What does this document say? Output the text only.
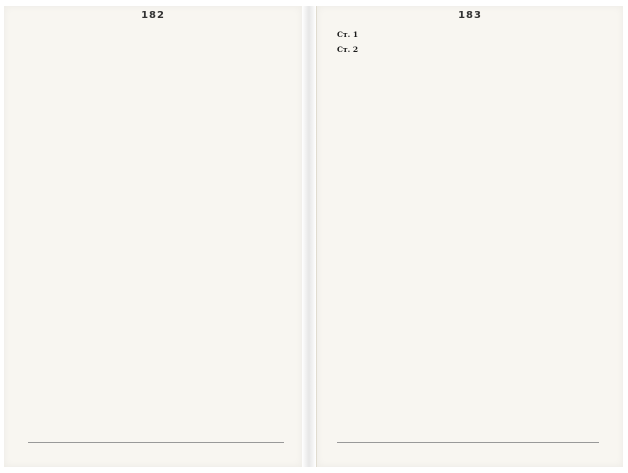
182	183

Ст. 1
Ст. 2
